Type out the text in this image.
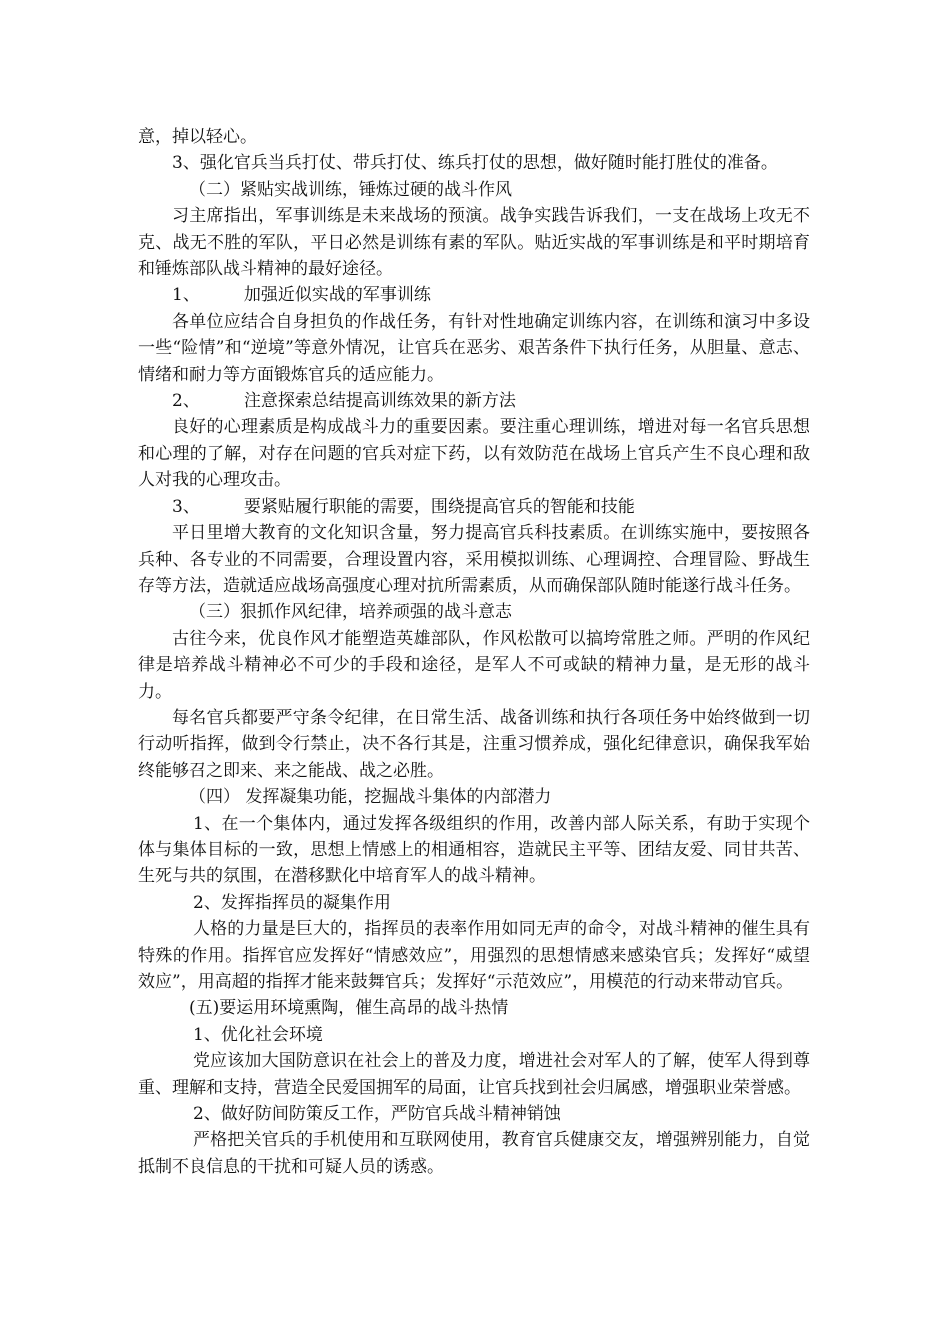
意，掉以轻心。

3、强化官兵当兵打仗、带兵打仗、练兵打仗的思想，做好随时能打胜仗的准备。

（二）紧贴实战训练，锤炼过硬的战斗作风

习主席指出，军事训练是未来战场的预演。战争实践告诉我们，一支在战场上攻无不克、战无不胜的军队，平日必然是训练有素的军队。贴近实战的军事训练是和平时期培育和锤炼部队战斗精神的最好途径。

1、	加强近似实战的军事训练

各单位应结合自身担负的作战任务，有针对性地确定训练内容，在训练和演习中多设一些“险情”和“逆境”等意外情况，让官兵在恶劣、艰苦条件下执行任务，从胆量、意志、情绪和耐力等方面锻炼官兵的适应能力。

2、	注意探索总结提高训练效果的新方法

良好的心理素质是构成战斗力的重要因素。要注重心理训练，增进对每一名官兵思想和心理的了解，对存在问题的官兵对症下药，以有效防范在战场上官兵产生不良心理和敌人对我的心理攻击。

3、	要紧贴履行职能的需要，围绕提高官兵的智能和技能

平日里增大教育的文化知识含量，努力提高官兵科技素质。在训练实施中，要按照各兵种、各专业的不同需要，合理设置内容，采用模拟训练、心理调控、合理冒险、野战生存等方法，造就适应战场高强度心理对抗所需素质，从而确保部队随时能遂行战斗任务。

（三）狠抓作风纪律，培养顽强的战斗意志

古往今来，优良作风才能塑造英雄部队，作风松散可以搞垮常胜之师。严明的作风纪律是培养战斗精神必不可少的手段和途径，是军人不可或缺的精神力量，是无形的战斗力。

每名官兵都要严守条令纪律，在日常生活、战备训练和执行各项任务中始终做到一切行动听指挥，做到令行禁止，决不各行其是，注重习惯养成，强化纪律意识，确保我军始终能够召之即来、来之能战、战之必胜。

（四） 发挥凝集功能，挖掘战斗集体的内部潜力

1、在一个集体内，通过发挥各级组织的作用，改善内部人际关系，有助于实现个体与集体目标的一致，思想上情感上的相通相容，造就民主平等、团结友爱、同甘共苦、生死与共的氛围，在潜移默化中培育军人的战斗精神。

2、发挥指挥员的凝集作用

人格的力量是巨大的，指挥员的表率作用如同无声的命令，对战斗精神的催生具有特殊的作用。指挥官应发挥好“情感效应”，用强烈的思想情感来感染官兵；发挥好“威望效应”，用高超的指挥才能来鼓舞官兵；发挥好“示范效应”，用模范的行动来带动官兵。

(五)要运用环境熏陶，催生高昂的战斗热情

1、优化社会环境

党应该加大国防意识在社会上的普及力度，增进社会对军人的了解，使军人得到尊重、理解和支持，营造全民爱国拥军的局面，让官兵找到社会归属感，增强职业荣誉感。

2、做好防间防策反工作，严防官兵战斗精神销蚀

严格把关官兵的手机使用和互联网使用，教育官兵健康交友，增强辨别能力，自觉抵制不良信息的干扰和可疑人员的诱惑。
